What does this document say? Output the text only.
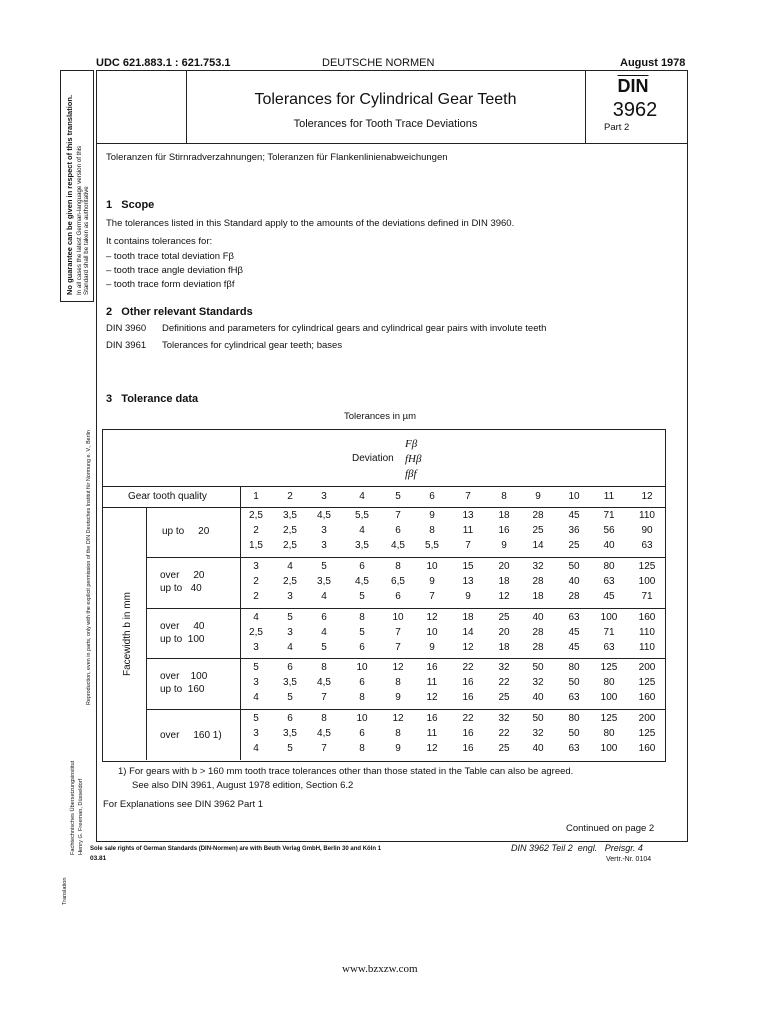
UDC 621.883.1 : 621.753.1	DEUTSCHE NORMEN	August 1978
No guarantee can be given in respect of this translation. In all cases the latest German-language version of this Standard shall be taken as authoritative
Reproduction, even in parts, only with the explicit permission of the DIN Deutsches Institut für Normung e. V., Berlin
Translation
Fachtechnisches Übersetzungsinstitut Henry G. Freeman, Düsseldorf
Tolerances for Cylindrical Gear Teeth
Tolerances for Tooth Trace Deviations
$\overline{DIN}$
3962
Part 2
Toleranzen für Stirnradverzahnungen; Toleranzen für Flankenlinienabweichungen
1   Scope
The tolerances listed in this Standard apply to the amounts of the deviations defined in DIN 3960.
It contains tolerances for:
– tooth trace total deviation Fβ
– tooth trace angle deviation fHβ
– tooth trace form deviation fβf
2   Other relevant Standards
DIN 3960 Definitions and parameters for cylindrical gears and cylindrical gear pairs with involute teeth
DIN 3961 Tolerances for cylindrical gear teeth; bases
3   Tolerance data
Tolerances in µm
Deviation
Fβ
fHβ
fβf
Gear tooth quality	1	2	3	4	5	6	7	8	9	10	11	12
Facewidth b in mm
up to     20
2,5	3,5	4,5	5,5	7	9	13	18	28	45	71	110
2	2,5	3	4	6	8	11	16	25	36	56	90
1,5	2,5	3	3,5	4,5	5,5	7	9	14	25	40	63
over     20
up to   40
3	4	5	6	8	10	15	20	32	50	80	125
2	2,5	3,5	4,5	6,5	9	13	18	28	40	63	100
2	3	4	5	6	7	9	12	18	28	45	71
over     40
up to  100
4	5	6	8	10	12	18	25	40	63	100	160
2,5	3	4	5	7	10	14	20	28	45	71	110
3	4	5	6	7	9	12	18	28	45	63	110
over    100
up to  160
5	6	8	10	12	16	22	32	50	80	125	200
3	3,5	4,5	6	8	11	16	22	32	50	80	125
4	5	7	8	9	12	16	25	40	63	100	160
over     160 1)
5	6	8	10	12	16	22	32	50	80	125	200
3	3,5	4,5	6	8	11	16	22	32	50	80	125
4	5	7	8	9	12	16	25	40	63	100	160
1) For gears with b > 160 mm tooth trace tolerances other than those stated in the Table can also be agreed.
See also DIN 3961, August 1978 edition, Section 6.2
For Explanations see DIN 3962 Part 1
Continued on page 2
Sole sale rights of German Standards (DIN-Normen) are with Beuth Verlag GmbH, Berlin 30 and Köln 1
03.81
DIN 3962 Teil 2  engl.   Preisgr. 4
Vertr.-Nr. 0104
www.bzxzw.com
